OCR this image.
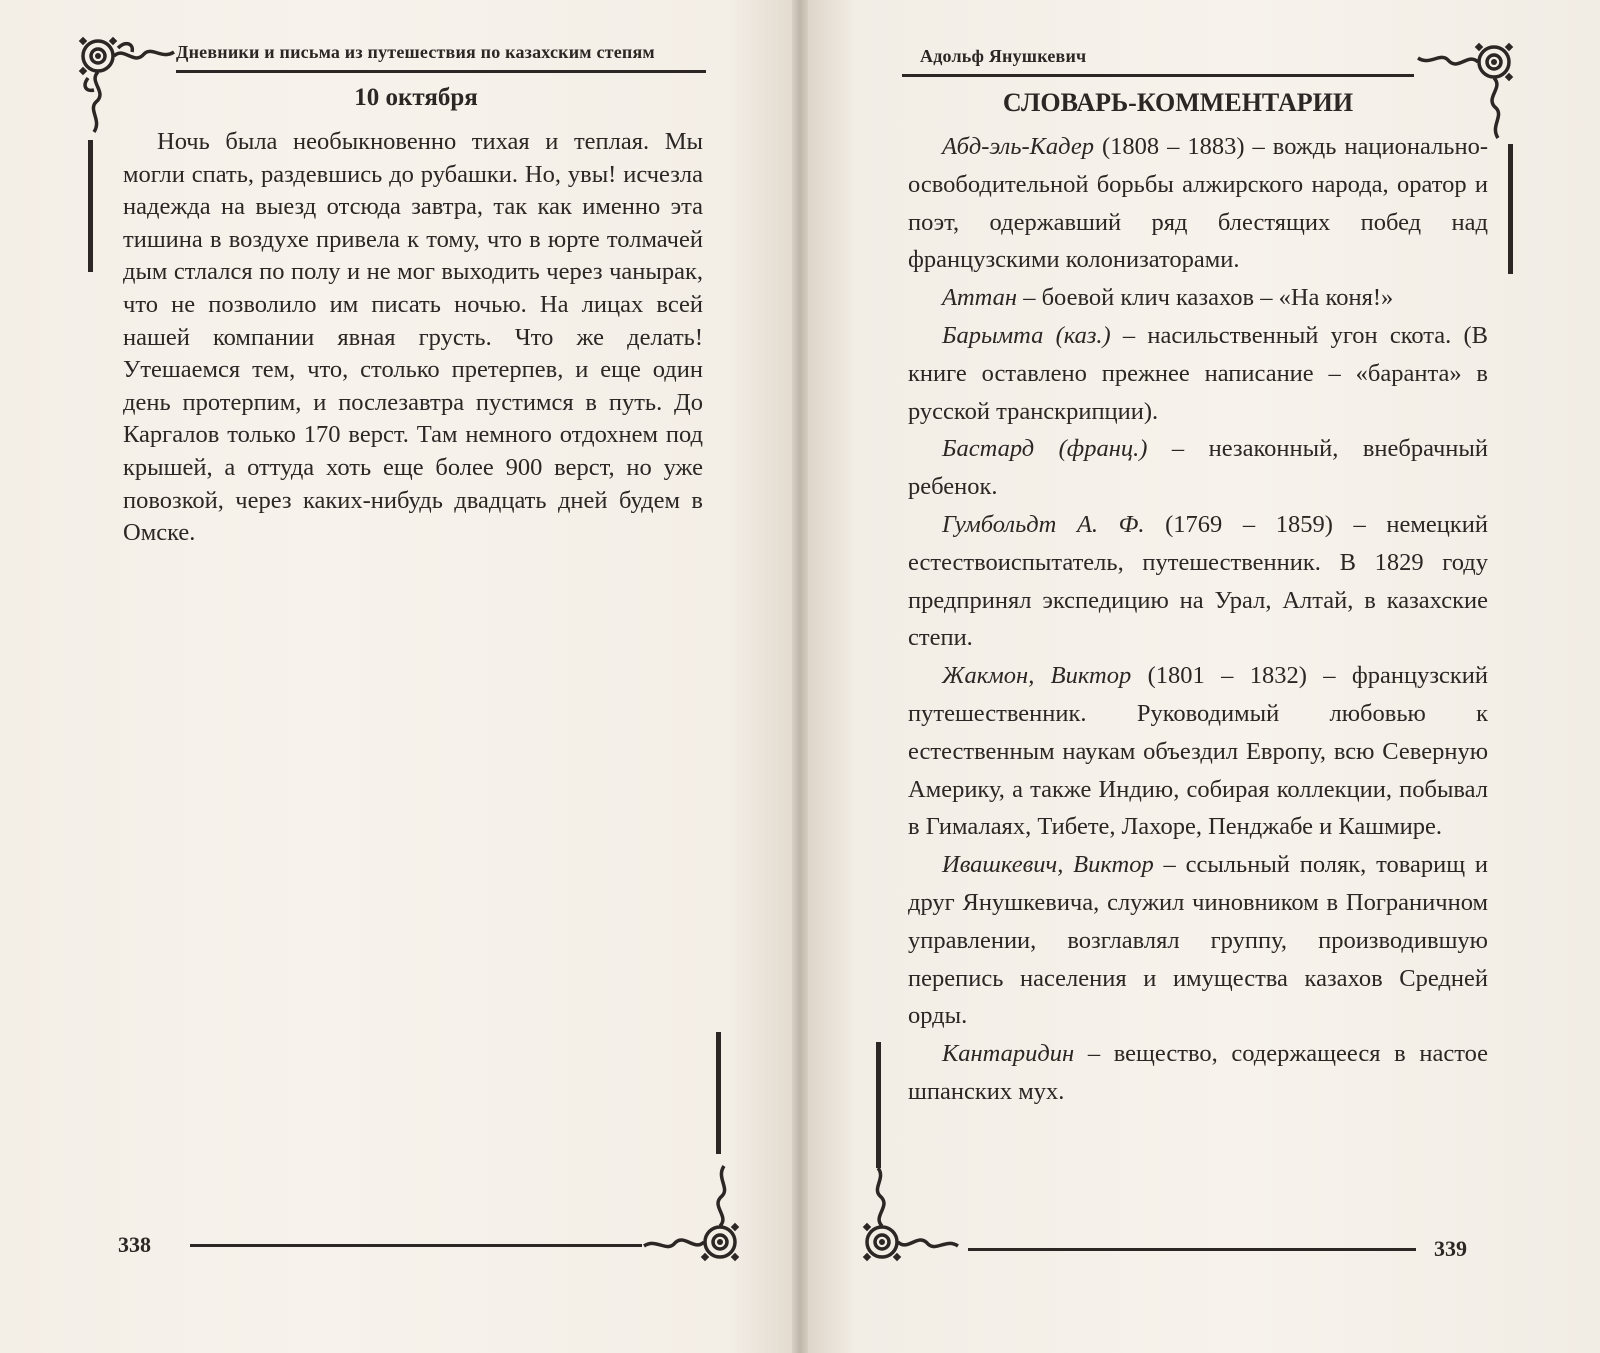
Дневники и письма из путешествия по казахским степям
10 октября

Ночь была необыкновенно тихая и теплая. Мы могли спать, раздевшись до рубашки. Но, увы! исчезла надежда на выезд отсюда завтра, так как именно эта тишина в воздухе привела к тому, что в юрте толмачей дым стлался по полу и не мог выходить через чанырак, что не позволило им писать ночью. На лицах всей нашей компании явная грусть. Что же делать! Утешаемся тем, что, столько претерпев, и еще один день протерпим, и послезавтра пустимся в путь. До Каргалов только 170 верст. Там немного отдохнем под крышей, а оттуда хоть еще более 900 верст, но уже повозкой, через каких-нибудь двадцать дней будем в Омске.

338
Адольф Янушкевич
СЛОВАРЬ-КОММЕНТАРИИ

Абд-эль-Кадер (1808 – 1883) – вождь национально-освободительной борьбы алжирского народа, оратор и поэт, одержавший ряд блестящих побед над французскими колонизаторами.

Аттан – боевой клич казахов – «На коня!»

Барымта (каз.) – насильственный угон скота. (В книге оставлено прежнее написание – «баранта» в русской транскрипции).

Бастард (франц.) – незаконный, внебрачный ребенок.

Гумбольдт А. Ф. (1769 – 1859) – немецкий естествоиспытатель, путешественник. В 1829 году предпринял экспедицию на Урал, Алтай, в казахские степи.

Жакмон, Виктор (1801 – 1832) – французский путешественник. Руководимый любовью к естественным наукам объездил Европу, всю Северную Америку, а также Индию, собирая коллекции, побывал в Гималаях, Тибете, Лахоре, Пенджабе и Кашмире.

Ивашкевич, Виктор – ссыльный поляк, товарищ и друг Янушкевича, служил чиновником в Пограничном управлении, возглавлял группу, производившую перепись населения и имущества казахов Средней орды.

Кантаридин – вещество, содержащееся в настое шпанских мух.

339
